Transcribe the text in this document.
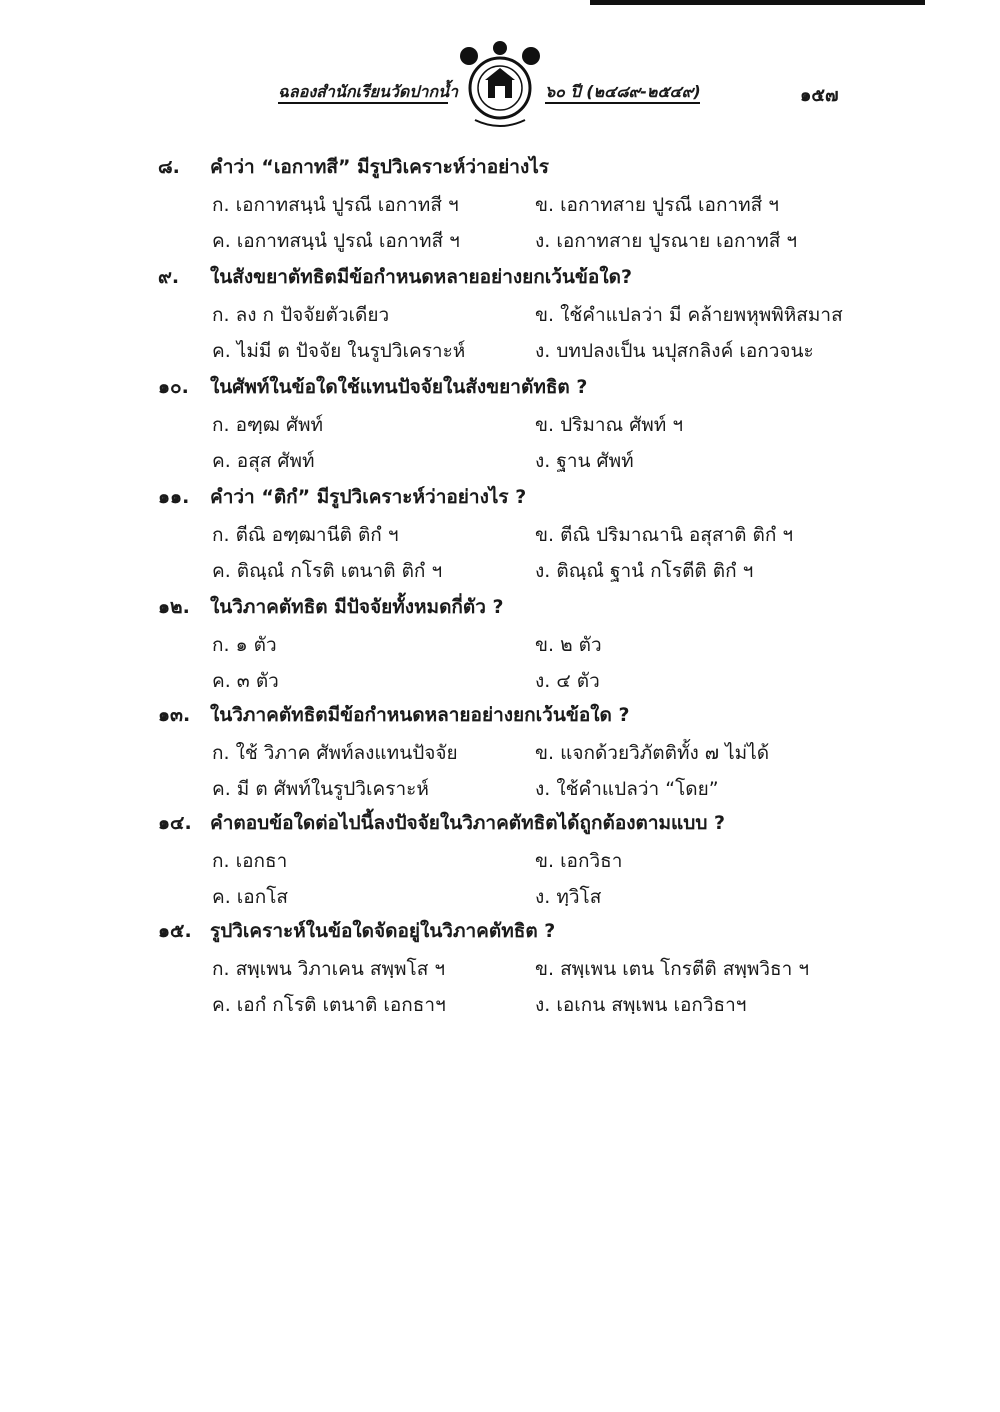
ฉลองสำนักเรียนวัดปากน้ำ	๖๐ ปี (๒๔๘๙-๒๕๔๙)	๑๕๗
๘. คำว่า “เอกาทสี” มีรูปวิเคราะห์ว่าอย่างไร
ก. เอกาทสนฺนํ ปูรณี เอกาทสี ฯ	ข. เอกาทสาย ปูรณี เอกาทสี ฯ
ค. เอกาทสนฺนํ ปูรณํ เอกาทสี ฯ	ง. เอกาทสาย ปูรณาย เอกาทสี ฯ
๙. ในสังขยาตัทธิตมีข้อกำหนดหลายอย่างยกเว้นข้อใด?
ก. ลง ก ปัจจัยตัวเดียว	ข. ใช้คำแปลว่า มี คล้ายพหุพพิหิสมาส
ค. ไม่มี ต ปัจจัย ในรูปวิเคราะห์	ง. บทปลงเป็น นปุสกลิงค์ เอกวจนะ
๑๐. ในศัพท์ในข้อใดใช้แทนปัจจัยในสังขยาตัทธิต ?
ก. อฑฺฒ ศัพท์	ข. ปริมาณ ศัพท์ ฯ
ค. อสุส ศัพท์	ง. ฐาน ศัพท์
๑๑. คำว่า “ติกํ” มีรูปวิเคราะห์ว่าอย่างไร ?
ก. ตีณิ อฑฺฒานีติ ติกํ ฯ	ข. ตีณิ ปริมาณานิ อสุสาติ ติกํ ฯ
ค. ติณฺณํ กโรติ เตนาติ ติกํ ฯ	ง. ติณฺณํ ฐานํ กโรตีติ ติกํ ฯ
๑๒. ในวิภาคตัทธิต มีปัจจัยทั้งหมดกี่ตัว ?
ก. ๑ ตัว	ข. ๒ ตัว
ค. ๓ ตัว	ง. ๔ ตัว
๑๓. ในวิภาคตัทธิตมีข้อกำหนดหลายอย่างยกเว้นข้อใด ?
ก. ใช้ วิภาค ศัพท์ลงแทนปัจจัย	ข. แจกด้วยวิภัตติทั้ง ๗ ไม่ได้
ค. มี ต ศัพท์ในรูปวิเคราะห์	ง. ใช้คำแปลว่า “โดย”
๑๔. คำตอบข้อใดต่อไปนี้ลงปัจจัยในวิภาคตัทธิตได้ถูกต้องตามแบบ ?
ก. เอกธา	ข. เอกวิธา
ค. เอกโส	ง. ทฺวิโส
๑๕. รูปวิเคราะห์ในข้อใดจัดอยู่ในวิภาคตัทธิต ?
ก. สพฺเพน วิภาเคน สพฺพโส ฯ	ข. สพฺเพน เตน โกรตีติ สพฺพวิธา ฯ
ค. เอกํ กโรติ เตนาติ เอกธาฯ	ง. เอเกน สพฺเพน เอกวิธาฯ
